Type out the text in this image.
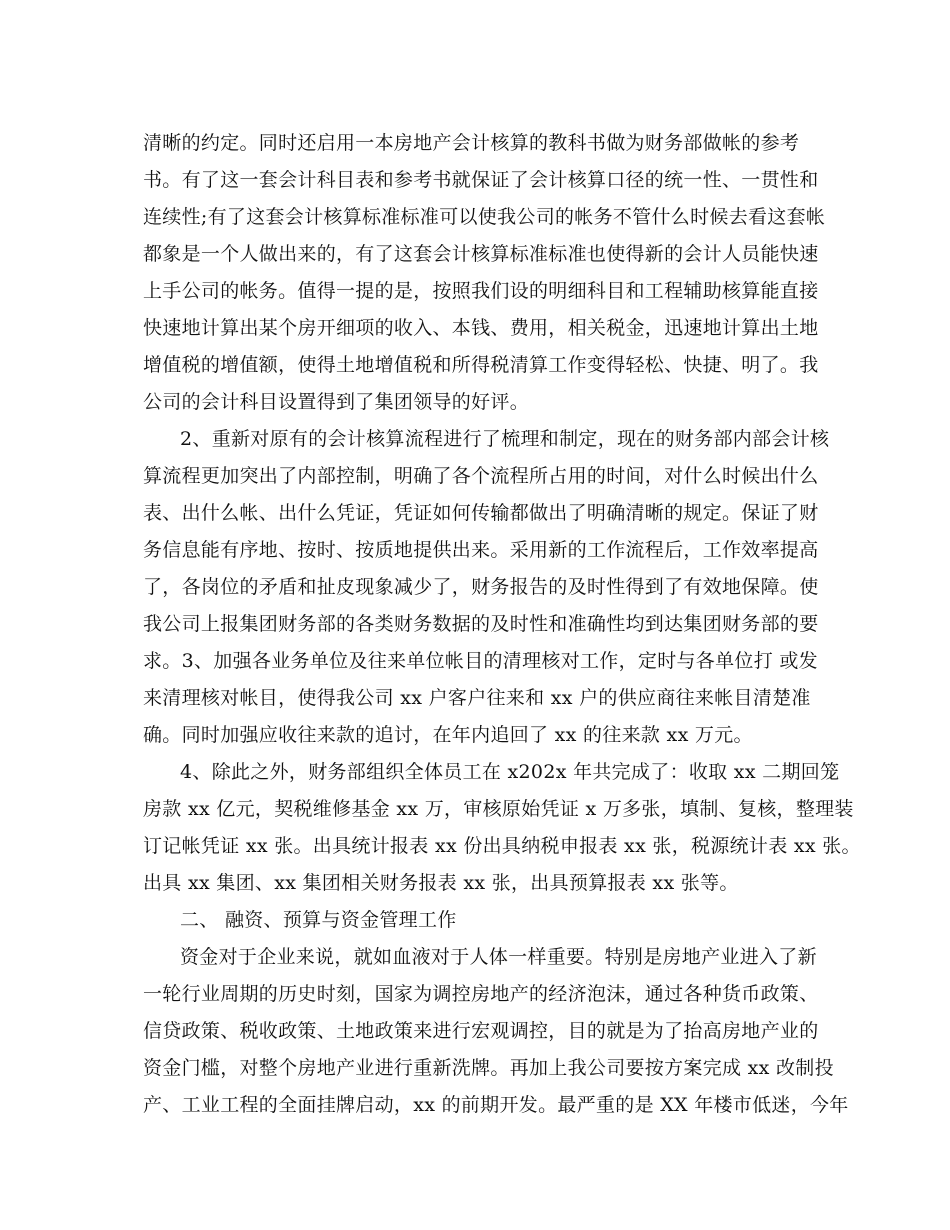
清晰的约定。同时还启用一本房地产会计核算的教科书做为财务部做帐的参考
书。有了这一套会计科目表和参考书就保证了会计核算口径的统一性、一贯性和
连续性;有了这套会计核算标准标准可以使我公司的帐务不管什么时候去看这套帐
都象是一个人做出来的，有了这套会计核算标准标准也使得新的会计人员能快速
上手公司的帐务。值得一提的是，按照我们设的明细科目和工程辅助核算能直接
快速地计算出某个房开细项的收入、本钱、费用，相关税金，迅速地计算出土地
增值税的增值额，使得土地增值税和所得税清算工作变得轻松、快捷、明了。我
公司的会计科目设置得到了集团领导的好评。
2、重新对原有的会计核算流程进行了梳理和制定，现在的财务部内部会计核
算流程更加突出了内部控制，明确了各个流程所占用的时间，对什么时候出什么
表、出什么帐、出什么凭证，凭证如何传输都做出了明确清晰的规定。保证了财
务信息能有序地、按时、按质地提供出来。采用新的工作流程后，工作效率提高
了，各岗位的矛盾和扯皮现象减少了，财务报告的及时性得到了有效地保障。使
我公司上报集团财务部的各类财务数据的及时性和准确性均到达集团财务部的要
求。3、加强各业务单位及往来单位帐目的清理核对工作，定时与各单位打 或发
来清理核对帐目，使得我公司 xx 户客户往来和 xx 户的供应商往来帐目清楚准
确。同时加强应收往来款的追讨，在年内追回了 xx 的往来款 xx 万元。
4、除此之外，财务部组织全体员工在 x202x 年共完成了：收取 xx 二期回笼
房款 xx 亿元，契税维修基金 xx 万，审核原始凭证 x 万多张，填制、复核，整理装
订记帐凭证 xx 张。出具统计报表 xx 份出具纳税申报表 xx 张，税源统计表 xx 张。
出具 xx 集团、xx 集团相关财务报表 xx 张，出具预算报表 xx 张等。
二、 融资、预算与资金管理工作
资金对于企业来说，就如血液对于人体一样重要。特别是房地产业进入了新
一轮行业周期的历史时刻，国家为调控房地产的经济泡沫，通过各种货币政策、
信贷政策、税收政策、土地政策来进行宏观调控，目的就是为了抬高房地产业的
资金门槛，对整个房地产业进行重新洗牌。再加上我公司要按方案完成 xx 改制投
产、工业工程的全面挂牌启动，xx 的前期开发。最严重的是 XX 年楼市低迷，今年
